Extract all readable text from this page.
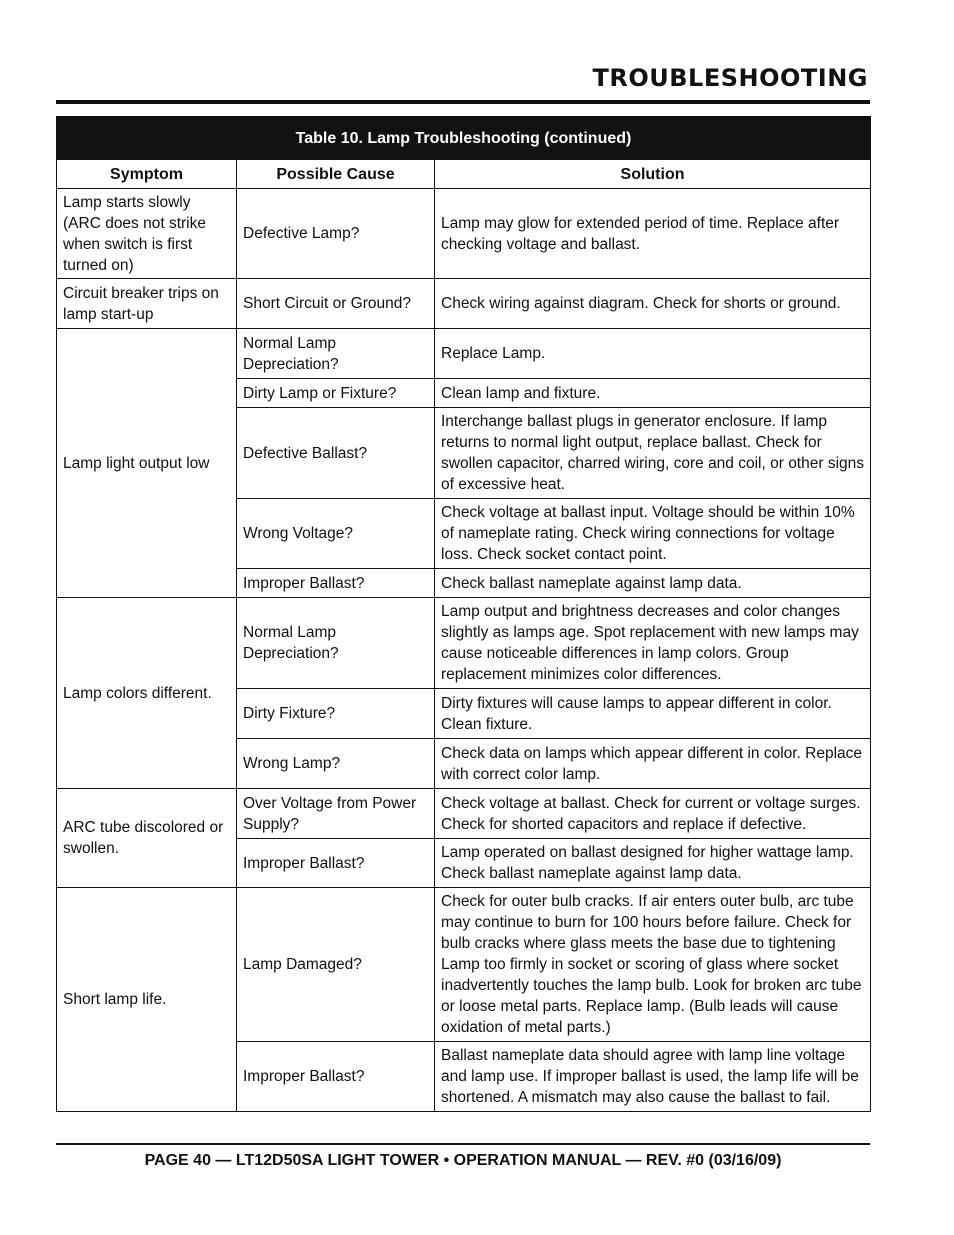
TROUBLESHOOTING
Table 10. Lamp Troubleshooting (continued)		
Symptom	Possible Cause	Solution
Lamp starts slowly (ARC does not strike when switch is first turned on)	Defective Lamp?	Lamp may glow for extended period of time. Replace after checking voltage and ballast.
Circuit breaker trips on lamp start-up	Short Circuit or Ground?	Check wiring against diagram. Check for shorts or ground.
Lamp light output low	Normal Lamp Depreciation?	Replace Lamp.
	Dirty Lamp or Fixture?	Clean lamp and fixture.
	Defective Ballast?	Interchange ballast plugs in generator enclosure. If lamp returns to normal light output, replace ballast. Check for swollen capacitor, charred wiring, core and coil, or other signs of excessive heat.
	Wrong Voltage?	Check voltage at ballast input. Voltage should be within 10% of nameplate rating. Check wiring connections for voltage loss. Check socket contact point.
	Improper Ballast?	Check ballast nameplate against lamp data.
Lamp colors different.	Normal Lamp Depreciation?	Lamp output and brightness decreases and color changes slightly as lamps age. Spot replacement with new lamps may cause noticeable differences in lamp colors. Group replacement minimizes color differences.
	Dirty Fixture?	Dirty fixtures will cause lamps to appear different in color. Clean fixture.
	Wrong Lamp?	Check data on lamps which appear different in color. Replace with correct color lamp.
ARC tube discolored or swollen.	Over Voltage from Power Supply?	Check voltage at ballast. Check for current or voltage surges. Check for shorted capacitors and replace if defective.
	Improper Ballast?	Lamp operated on ballast designed for higher wattage lamp. Check ballast nameplate against lamp data.
Short lamp life.	Lamp Damaged?	Check for outer bulb cracks. If air enters outer bulb, arc tube may continue to burn for 100 hours before failure. Check for bulb cracks where glass meets the base due to tightening Lamp too firmly in socket or scoring of glass where socket inadvertently touches the lamp bulb. Look for broken arc tube or loose metal parts. Replace lamp. (Bulb leads will cause oxidation of metal parts.)
	Improper Ballast?	Ballast nameplate data should agree with lamp line voltage and lamp use. If improper ballast is used, the lamp life will be shortened. A mismatch may also cause the ballast to fail.
PAGE 40 — LT12D50SA LIGHT TOWER • OPERATION MANUAL — REV. #0 (03/16/09)
